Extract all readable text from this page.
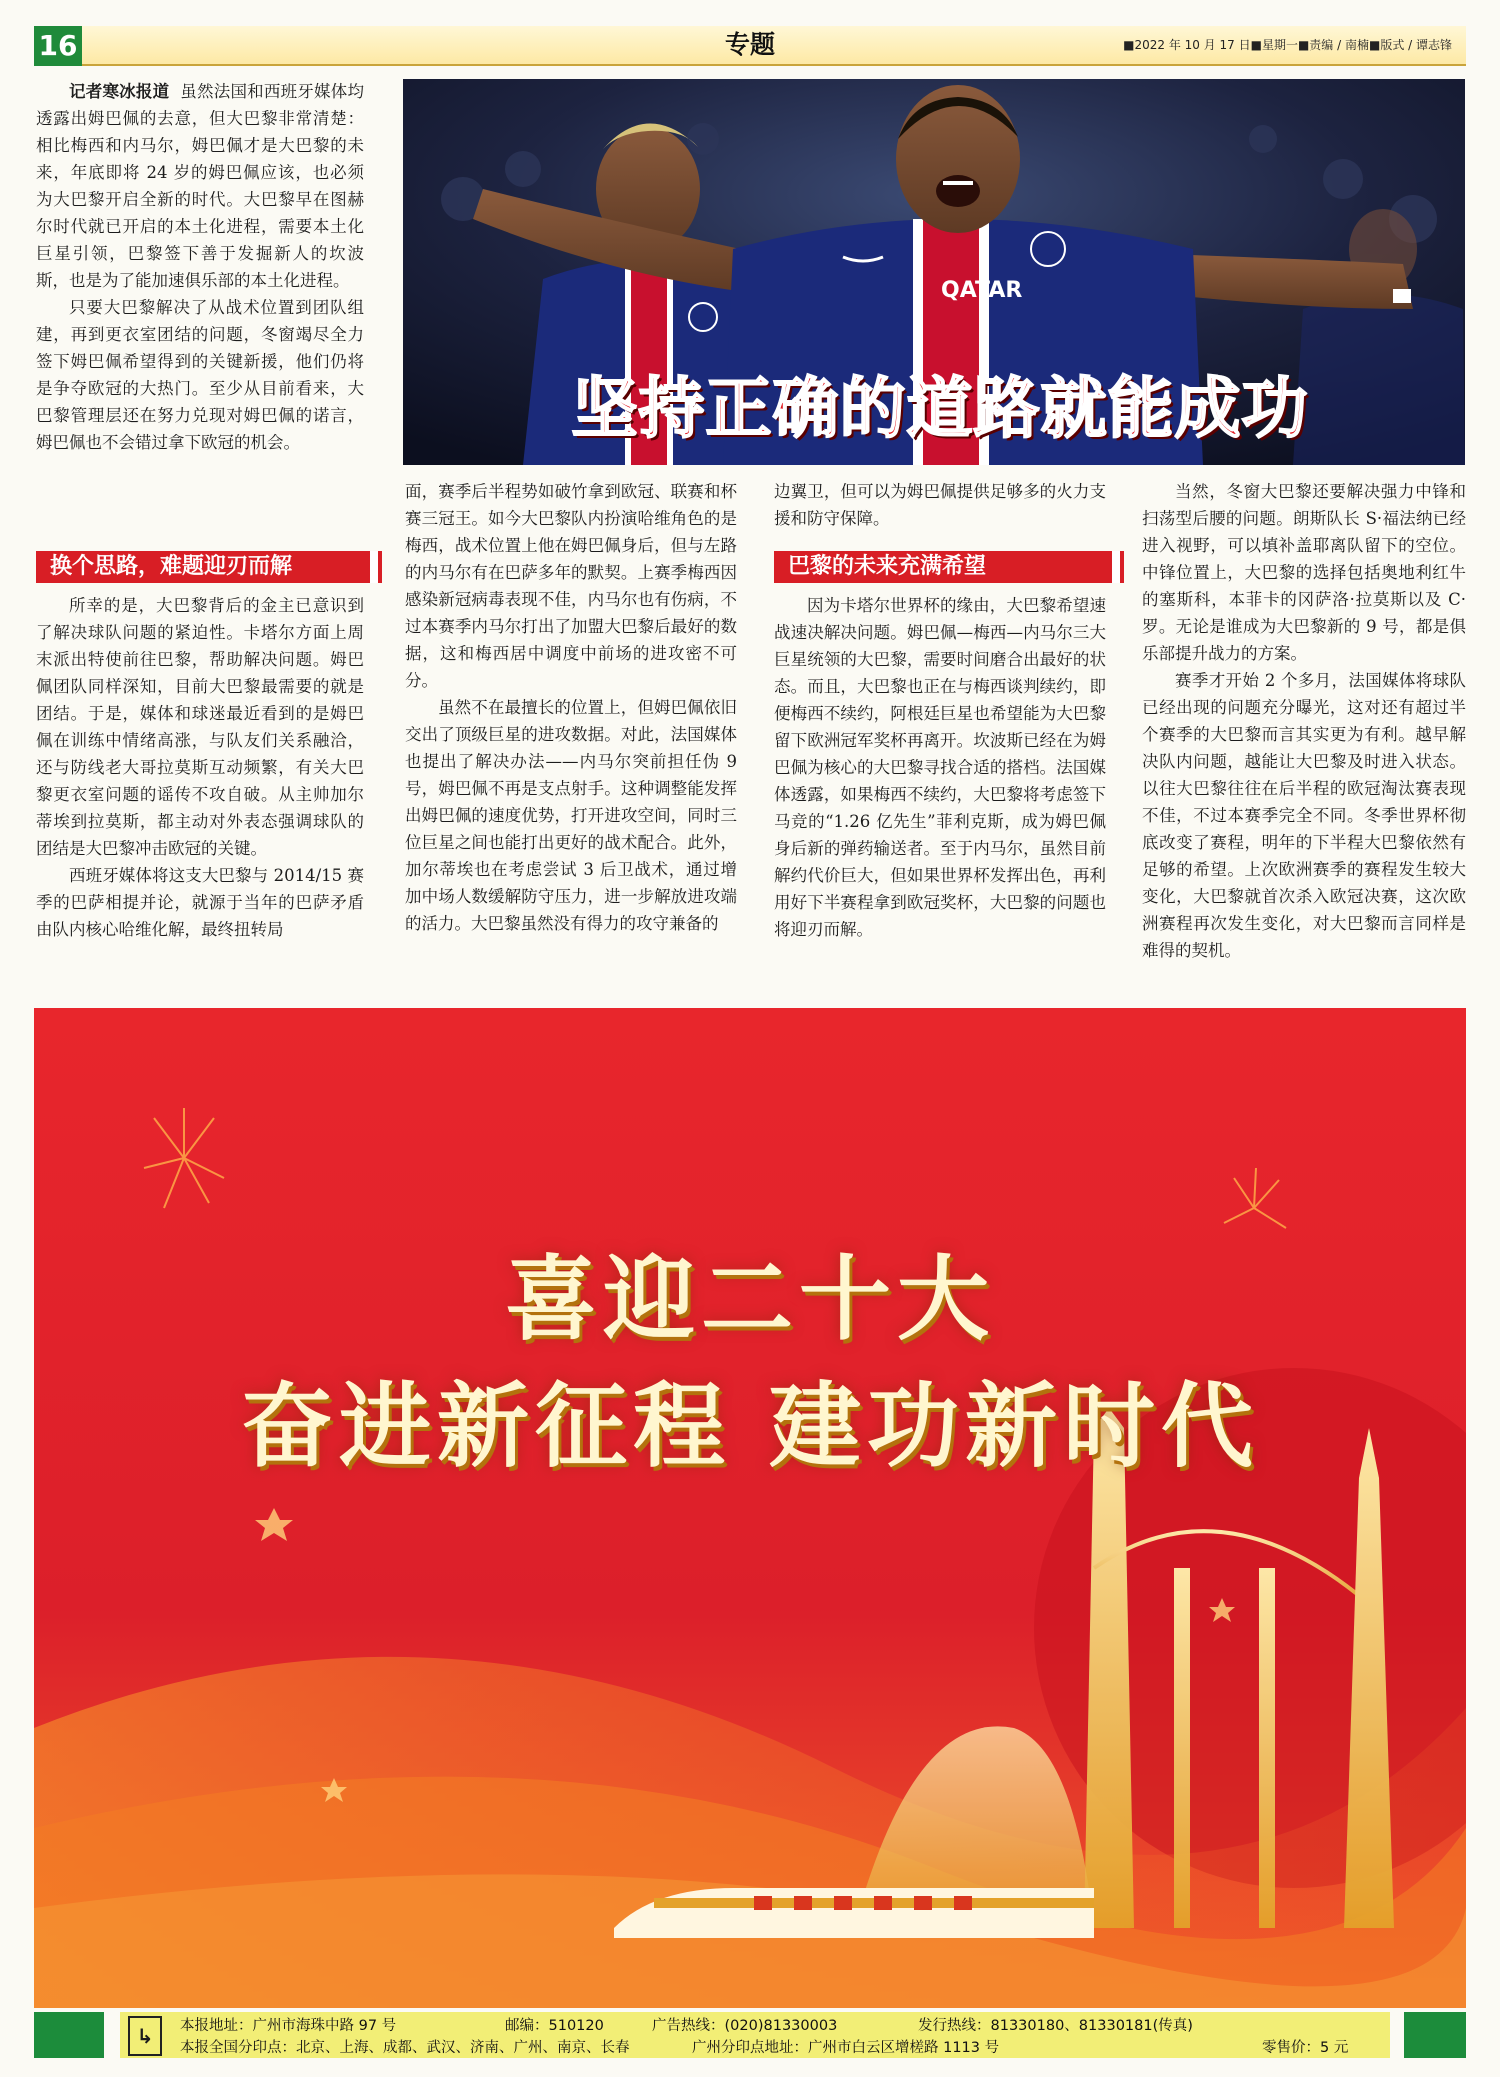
16	专题	■2022 年 10 月 17 日■星期一■责编 / 南楠■版式 / 谭志锋
QATAR
坚持正确的道路就能成功

记者寒冰报道 虽然法国和西班牙媒体均透露出姆巴佩的去意，但大巴黎非常清楚：相比梅西和内马尔，姆巴佩才是大巴黎的未来，年底即将 24 岁的姆巴佩应该，也必须为大巴黎开启全新的时代。大巴黎早在图赫尔时代就已开启的本土化进程，需要本土化巨星引领，巴黎签下善于发掘新人的坎波斯，也是为了能加速俱乐部的本土化进程。

只要大巴黎解决了从战术位置到团队组建，再到更衣室团结的问题，冬窗竭尽全力签下姆巴佩希望得到的关键新援，他们仍将是争夺欧冠的大热门。至少从目前看来，大巴黎管理层还在努力兑现对姆巴佩的诺言，姆巴佩也不会错过拿下欧冠的机会。

换个思路，难题迎刃而解

所幸的是，大巴黎背后的金主已意识到了解决球队问题的紧迫性。卡塔尔方面上周末派出特使前往巴黎，帮助解决问题。姆巴佩团队同样深知，目前大巴黎最需要的就是团结。于是，媒体和球迷最近看到的是姆巴佩在训练中情绪高涨，与队友们关系融洽，还与防线老大哥拉莫斯互动频繁，有关大巴黎更衣室问题的谣传不攻自破。从主帅加尔蒂埃到拉莫斯，都主动对外表态强调球队的团结是大巴黎冲击欧冠的关键。

西班牙媒体将这支大巴黎与 2014/15 赛季的巴萨相提并论，就源于当年的巴萨矛盾由队内核心哈维化解，最终扭转局

面，赛季后半程势如破竹拿到欧冠、联赛和杯赛三冠王。如今大巴黎队内扮演哈维角色的是梅西，战术位置上他在姆巴佩身后，但与左路的内马尔有在巴萨多年的默契。上赛季梅西因感染新冠病毒表现不佳，内马尔也有伤病，不过本赛季内马尔打出了加盟大巴黎后最好的数据，这和梅西居中调度中前场的进攻密不可分。

虽然不在最擅长的位置上，但姆巴佩依旧交出了顶级巨星的进攻数据。对此，法国媒体也提出了解决办法——内马尔突前担任伪 9 号，姆巴佩不再是支点射手。这种调整能发挥出姆巴佩的速度优势，打开进攻空间，同时三位巨星之间也能打出更好的战术配合。此外，加尔蒂埃也在考虑尝试 3 后卫战术，通过增加中场人数缓解防守压力，进一步解放进攻端的活力。大巴黎虽然没有得力的攻守兼备的

边翼卫，但可以为姆巴佩提供足够多的火力支援和防守保障。

巴黎的未来充满希望

因为卡塔尔世界杯的缘由，大巴黎希望速战速决解决问题。姆巴佩—梅西—内马尔三大巨星统领的大巴黎，需要时间磨合出最好的状态。而且，大巴黎也正在与梅西谈判续约，即便梅西不续约，阿根廷巨星也希望能为大巴黎留下欧洲冠军奖杯再离开。坎波斯已经在为姆巴佩为核心的大巴黎寻找合适的搭档。法国媒体透露，如果梅西不续约，大巴黎将考虑签下马竞的“1.26 亿先生”菲利克斯，成为姆巴佩身后新的弹药输送者。至于内马尔，虽然目前解约代价巨大，但如果世界杯发挥出色，再利用好下半赛程拿到欧冠奖杯，大巴黎的问题也将迎刃而解。

当然，冬窗大巴黎还要解决强力中锋和扫荡型后腰的问题。朗斯队长 S·福法纳已经进入视野，可以填补盖耶离队留下的空位。中锋位置上，大巴黎的选择包括奥地利红牛的塞斯科，本菲卡的冈萨洛·拉莫斯以及 C·罗。无论是谁成为大巴黎新的 9 号，都是俱乐部提升战力的方案。

赛季才开始 2 个多月，法国媒体将球队已经出现的问题充分曝光，这对还有超过半个赛季的大巴黎而言其实更为有利。越早解决队内问题，越能让大巴黎及时进入状态。以往大巴黎往往在后半程的欧冠淘汰赛表现不佳，不过本赛季完全不同。冬季世界杯彻底改变了赛程，明年的下半程大巴黎依然有足够的希望。上次欧洲赛季的赛程发生较大变化，大巴黎就首次杀入欧冠决赛，这次欧洲赛程再次发生变化，对大巴黎而言同样是难得的契机。

喜迎二十大
奋进新征程 建功新时代
↳	本报地址：广州市海珠中路 97 号	邮编：510120	广告热线：(020)81330003	发行热线：81330180、81330181(传真)
本报全国分印点：北京、上海、成都、武汉、济南、广州、南京、长春	广州分印点地址：广州市白云区增槎路 1113 号	零售价：5 元
